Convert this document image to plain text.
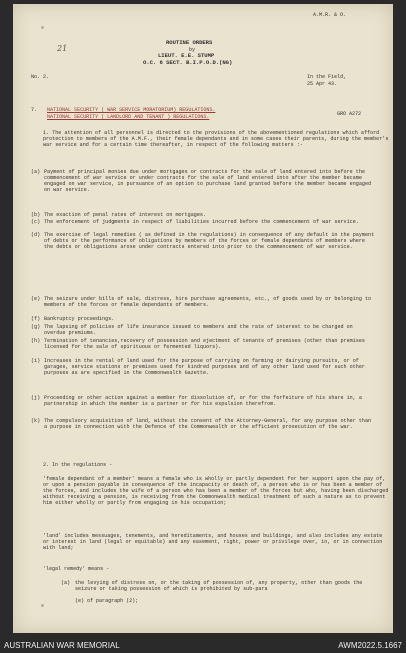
A.M.R. & O.
21
ROUTINE ORDERS
by
LIEUT. E.E. STUMP
O.C. 6 SECT. B.I.P.O.D.(NG)
No. 2.	In the Field,
25 Apr 43.
7. NATIONAL SECURITY ( WAR SERVICE MORATORIUM) REGULATIONS.
NATIONAL SECURITY ( LANDLORD AND TENANT ) REGULATIONS.	GRO A272
1. The attention of all personnel is directed to the provisions of the abovementioned regulations which afford protection to members of the A.M.F., their female dependants and in some cases their parents, during the member's war service and for a certain time thereafter, in respect of the following matters :-
(a) Payment of principal monies due under mortgages or contracts for the sale of land entered into before the commencement of war service or under contracts for the sale of land entered into after the member became engaged on war service, in pursuance of an option to purchase land granted before the member became engaged on war service.
(b) The exaction of penal rates of interest on mortgages.
(c) The enforcement of judgments in respect of liabilities incurred before the commencement of war service.
(d) The exercise of legal remedies ( as defined in the regulations) in consequence of any default in the payment of debts or the performance of obligations by members of the forces or female dependants of members where the debts or obligations arose under contracts entered into prior to the commencement of war service.
(e) The seizure under bills of sale, distress, hire purchase agreements, etc., of goods used by or belonging to members of the forces or female dependants of members.
(f) Bankruptcy proceedings.
(g) The lapsing of policies of life insurance issued to members and the rate of interest to be charged on overdue premiums.
(h) Termination of tenancies,recovery of possession and ejectment of tenants of premises (other than premises licensed for the sale of spirituous or fermented liquors).
(i) Increases in the rental of land used for the purpose of carrying on farming or dairying pursuits, or of garages, service stations or premises used for kindred purposes and of any other land used for such other purposes as are specified in the Commonwealth Gazette.
(j) Proceeding or other action against a member for dissolution of, or for the forfeiture of his share in, a partnership in which the member is a partner or for his expulsion therefrom.
(k) The compulsory acquisition of land, without the consent of the Attorney-General, for any purpose other than a purpose in connection with the Defence of the Commonwealth or the efficient prosecution of the war.
2. In the regulations -
'female dependant of a member' means a female who is wholly or partly dependent for her support upon the pay of, or upon a pension payable in consequence of the incapacity or death of, a person who is or has been a member of the forces, and includes the wife of a person who has been a member of the forces but who, having been discharged without receiving a pension, is receiving from the Commonwealth medical treatment of such a nature as to prevent him either wholly or partly from engaging in his occupation;
'land' includes messuages, tenements, and hereditaments, and houses and buildings, and also includes any estate or interest in land (legal or equitable) and any easement, right, power or privilege over, in, or in connection with land;
'legal remedy' means -
(a) the levying of distress on, or the taking of possession of, any property, other than goods the seizure or taking possession of which is prohibited by sub-para
(e) of paragraph (2);
AUSTRALIAN WAR MEMORIAL	AWM2022.5.1667
